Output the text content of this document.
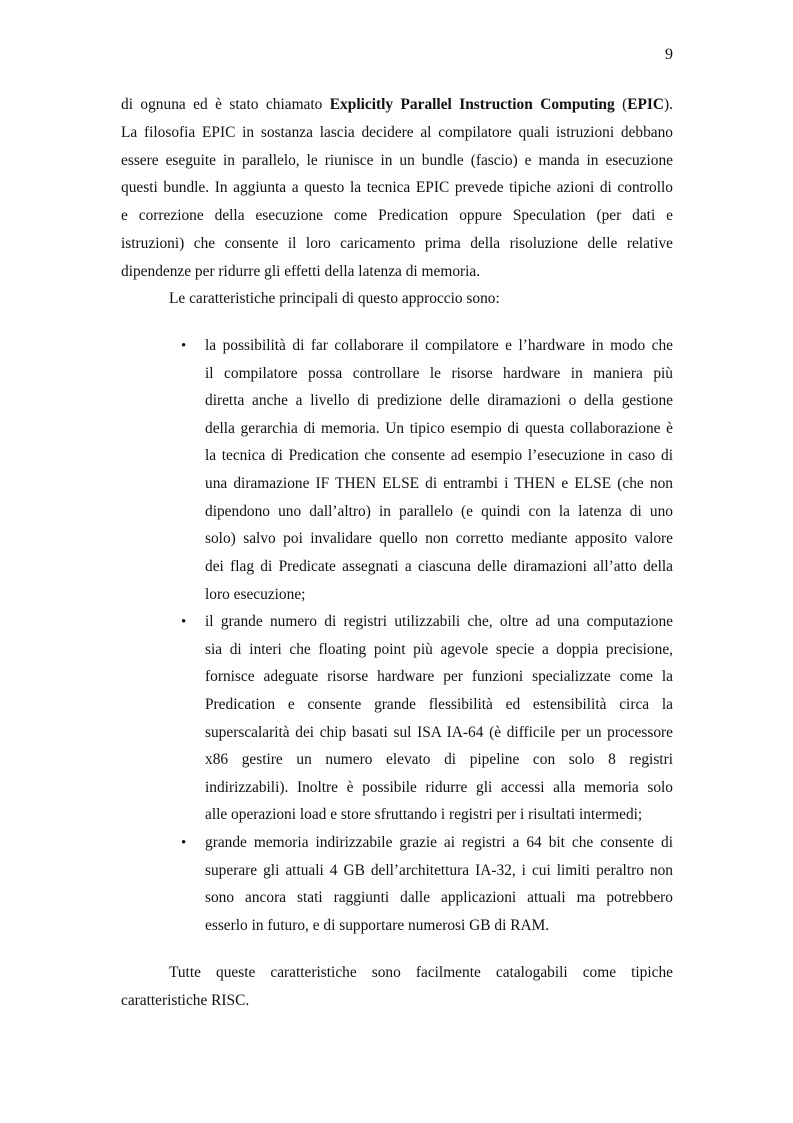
9
di ognuna ed è stato chiamato Explicitly Parallel Instruction Computing (EPIC).
La filosofia EPIC in sostanza lascia decidere al compilatore quali istruzioni debbano
essere eseguite in parallelo, le riunisce in un bundle (fascio) e manda in esecuzione
questi bundle. In aggiunta a questo la tecnica EPIC prevede tipiche azioni di controllo
e correzione della esecuzione come Predication oppure Speculation (per dati e
istruzioni) che consente il loro caricamento prima della risoluzione delle relative
dipendenze per ridurre gli effetti della latenza di memoria.
Le caratteristiche principali di questo approccio sono:
• la possibilità di far collaborare il compilatore e l’hardware in modo che
il compilatore possa controllare le risorse hardware in maniera più
diretta anche a livello di predizione delle diramazioni o della gestione
della gerarchia di memoria. Un tipico esempio di questa collaborazione è
la tecnica di Predication che consente ad esempio l’esecuzione in caso di
una diramazione IF THEN ELSE di entrambi i THEN e ELSE (che non
dipendono uno dall’altro) in parallelo (e quindi con la latenza di uno
solo) salvo poi invalidare quello non corretto mediante apposito valore
dei flag di Predicate assegnati a ciascuna delle diramazioni all’atto della
loro esecuzione;
• il grande numero di registri utilizzabili che, oltre ad una computazione
sia di interi che floating point più agevole specie a doppia precisione,
fornisce adeguate risorse hardware per funzioni specializzate come la
Predication e consente grande flessibilità ed estensibilità circa la
superscalarità dei chip basati sul ISA IA-64 (è difficile per un processore
x86 gestire un numero elevato di pipeline con solo 8 registri
indirizzabili). Inoltre è possibile ridurre gli accessi alla memoria solo
alle operazioni load e store sfruttando i registri per i risultati intermedi;
• grande memoria indirizzabile grazie ai registri a 64 bit che consente di
superare gli attuali 4 GB dell’architettura IA-32, i cui limiti peraltro non
sono ancora stati raggiunti dalle applicazioni attuali ma potrebbero
esserlo in futuro, e di supportare numerosi GB di RAM.
Tutte queste caratteristiche sono facilmente catalogabili come tipiche
caratteristiche RISC.
